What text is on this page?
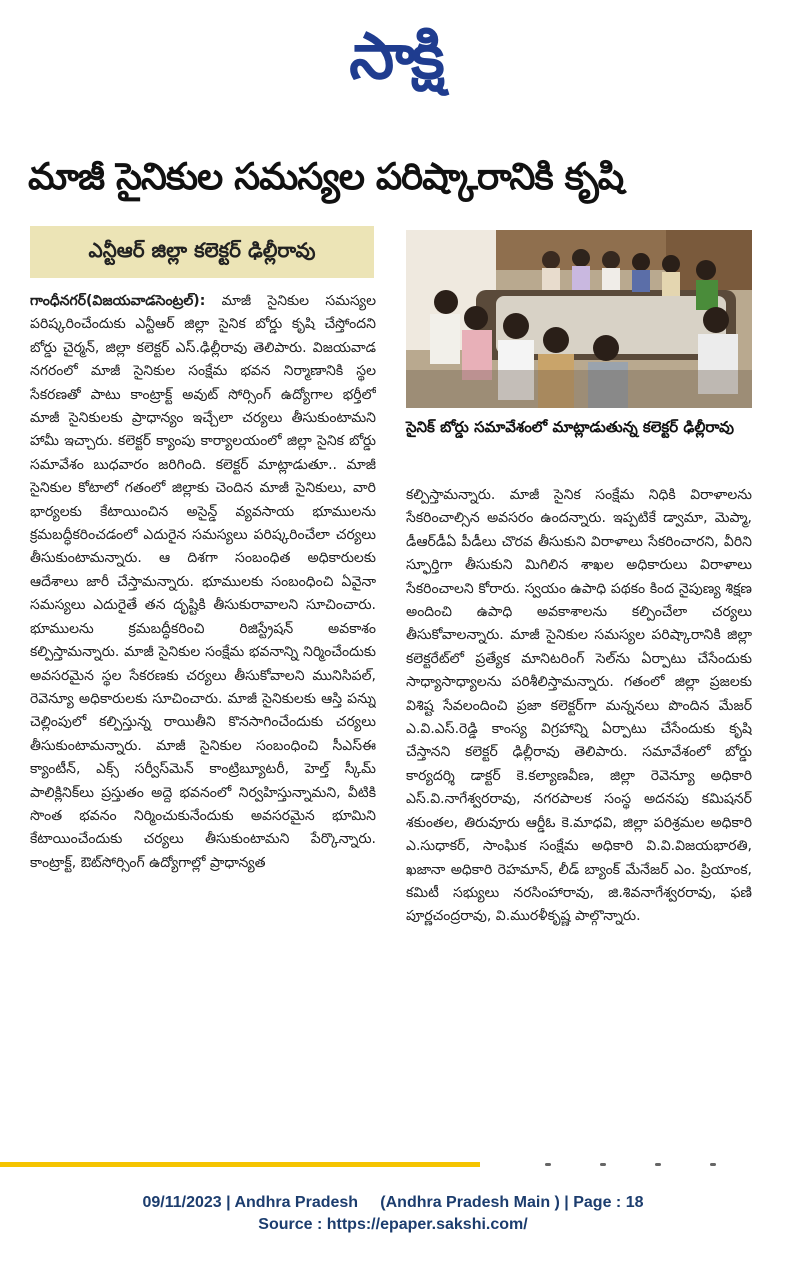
సాక్షి
మాజీ సైనికుల సమస్యల పరిష్కారానికి కృషి
ఎన్టీఆర్ జిల్లా కలెక్టర్ ఢిల్లీరావు
సైనిక్ బోర్డు సమావేశంలో మాట్లాడుతున్న కలెక్టర్ ఢిల్లీరావు

గాంధీనగర్(విజయవాడసెంట్రల్): మాజీ సైనికుల సమస్యల పరిష్కరించేందుకు ఎన్టీఆర్ జిల్లా సైనిక బోర్డు కృషి చేస్తోందని బోర్డు చైర్మన్, జిల్లా కలెక్టర్ ఎస్.ఢిల్లీరావు తెలిపారు. విజయవాడ నగరంలో మాజీ సైనికుల సంక్షేమ భవన నిర్మాణానికి స్థల సేకరణతో పాటు కాంట్రాక్ట్ అవుట్ సోర్సింగ్ ఉద్యోగాల భర్తీలో మాజీ సైనికులకు ప్రాధాన్యం ఇచ్చేలా చర్యలు తీసుకుంటామని హామీ ఇచ్చారు. కలెక్టర్ క్యాంపు కార్యాలయంలో జిల్లా సైనిక బోర్డు సమావేశం బుధవారం జరిగింది. కలెక్టర్ మాట్లాడుతూ.. మాజీ సైనికుల కోటాలో గతంలో జిల్లాకు చెందిన మాజీ సైనికులు, వారి భార్యలకు కేటాయించిన అసైన్డ్ వ్యవసాయ భూములను క్రమబద్ధీకరించడంలో ఎదురైన సమస్యలు పరిష్కరించేలా చర్యలు తీసుకుంటామన్నారు. ఆ దిశగా సంబంధిత అధికారులకు ఆదేశాలు జారీ చేస్తామన్నారు. భూములకు సంబంధించి ఏవైనా సమస్యలు ఎదురైతే తన దృష్టికి తీసుకురావాలని సూచించారు. భూములను క్రమబద్ధీకరించి రిజిస్ట్రేషన్ అవకాశం కల్పిస్తామన్నారు. మాజీ సైనికుల సంక్షేమ భవనాన్ని నిర్మించేందుకు అవసరమైన స్థల సేకరణకు చర్యలు తీసుకోవాలని మునిసిపల్, రెవెన్యూ అధికారులకు సూచించారు. మాజీ సైనికులకు ఆస్తి పన్ను చెల్లింపులో కల్పిస్తున్న రాయితీని కొనసాగించేందుకు చర్యలు తీసుకుంటామన్నారు. మాజీ సైనికుల సంబంధించి సీఎస్ఈ క్యాంటీన్, ఎక్స్ సర్వీస్‌మెన్ కాంట్రిబ్యూటరీ, హెల్త్ స్కీమ్ పాలిక్లినిక్‌లు ప్రస్తుతం అద్దె భవనంలో నిర్వహిస్తున్నామని, వీటికి సొంత భవనం నిర్మించుకునేందుకు అవసరమైన భూమిని కేటాయించేందుకు చర్యలు తీసుకుంటామని పేర్కొన్నారు. కాంట్రాక్ట్, ఔట్‌సోర్సింగ్ ఉద్యోగాల్లో ప్రాధాన్యత

కల్పిస్తామన్నారు. మాజీ సైనిక సంక్షేమ నిధికి విరాళాలను సేకరించాల్సిన అవసరం ఉందన్నారు. ఇప్పటికే డ్వామా, మెప్మా, డీఆర్‌డీఏ పీడీలు చొరవ తీసుకుని విరాళాలు సేకరించారని, వీరిని స్ఫూర్తిగా తీసుకుని మిగిలిన శాఖల అధికారులు విరాళాలు సేకరించాలని కోరారు. స్వయం ఉపాధి పథకం కింద నైపుణ్య శిక్షణ అందించి ఉపాధి అవకాశాలను కల్పించేలా చర్యలు తీసుకోవాలన్నారు. మాజీ సైనికుల సమస్యల పరిష్కారానికి జిల్లా కలెక్టరేట్‌లో ప్రత్యేక మానిటరింగ్ సెల్‌ను ఏర్పాటు చేసేందుకు సాధ్యాసాధ్యాలను పరిశీలిస్తామన్నారు. గతంలో జిల్లా ప్రజలకు విశిష్ట సేవలందించి ప్రజా కలెక్టర్‌గా మన్ననలు పొందిన మేజర్ ఎ.వి.ఎస్.రెడ్డి కాంస్య విగ్రహాన్ని ఏర్పాటు చేసేందుకు కృషి చేస్తానని కలెక్టర్ ఢిల్లీరావు తెలిపారు. సమావేశంలో బోర్డు కార్యదర్శి డాక్టర్ కె.కల్యాణవీణ, జిల్లా రెవెన్యూ అధికారి ఎస్.వి.నాగేశ్వరరావు, నగరపాలక సంస్థ అదనపు కమిషనర్ శకుంతల, తిరువూరు ఆర్డీఓ కె.మాధవి, జిల్లా పరిశ్రమల అధికారి ఎ.సుధాకర్, సాంఘిక సంక్షేమ అధికారి వి.వి.విజయభారతి, ఖజానా అధికారి రెహమాన్, లీడ్ బ్యాంక్ మేనేజర్ ఎం. ప్రియాంక, కమిటీ సభ్యులు నరసింహారావు, జి.శివనాగేశ్వరరావు, ఫణి పూర్ణచంద్రరావు, వి.మురళీకృష్ణ పాల్గొన్నారు.

09/11/2023 | Andhra Pradesh     (Andhra Pradesh Main ) | Page : 18
Source : https://epaper.sakshi.com/
